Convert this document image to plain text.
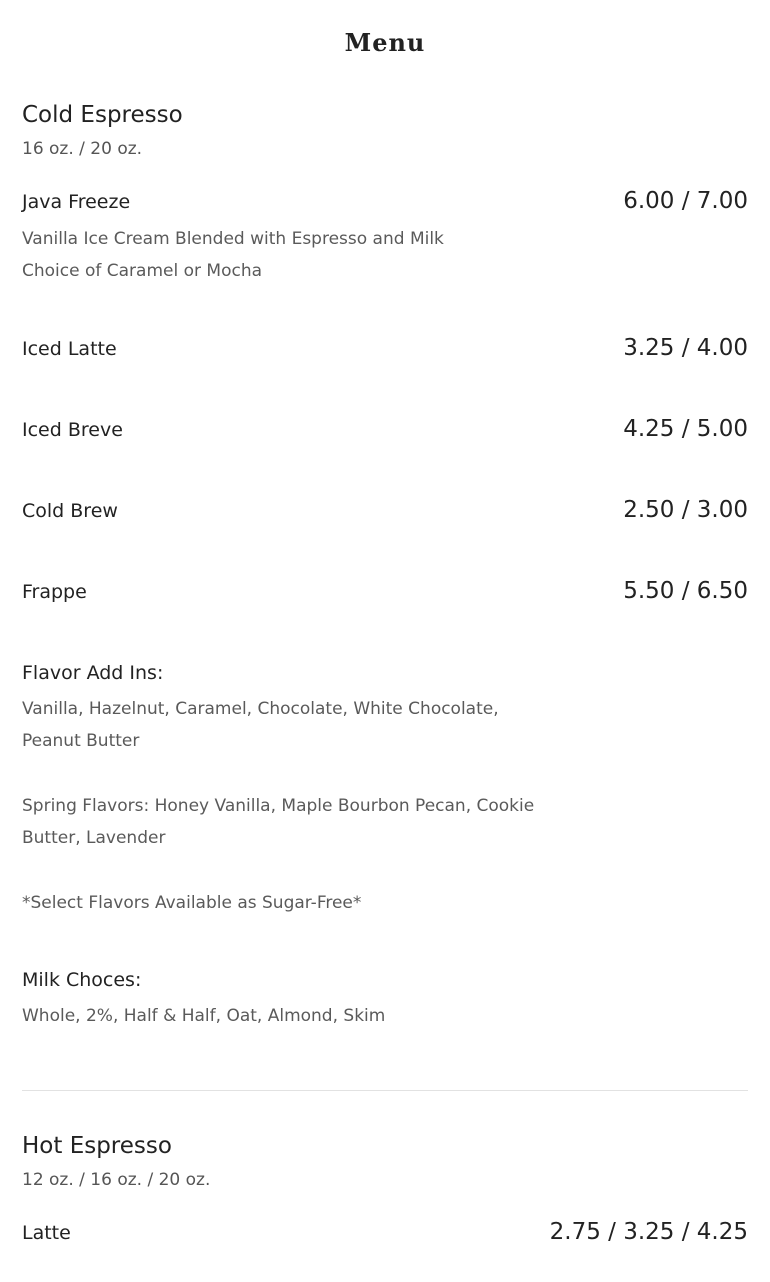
Menu
Cold Espresso
16 oz. / 20 oz.
Java Freeze	6.00 / 7.00
Vanilla Ice Cream Blended with Espresso and Milk
Choice of Caramel or Mocha
Iced Latte	3.25 / 4.00
Iced Breve	4.25 / 5.00
Cold Brew	2.50 / 3.00
Frappe	5.50 / 6.50
Flavor Add Ins:
Vanilla, Hazelnut, Caramel, Chocolate, White Chocolate, Peanut Butter
Spring Flavors: Honey Vanilla, Maple Bourbon Pecan, Cookie Butter, Lavender
*Select Flavors Available as Sugar-Free*
Milk Choces:
Whole, 2%, Half & Half, Oat, Almond, Skim
Hot Espresso
12 oz. / 16 oz. / 20 oz.
Latte	2.75 / 3.25 / 4.25
